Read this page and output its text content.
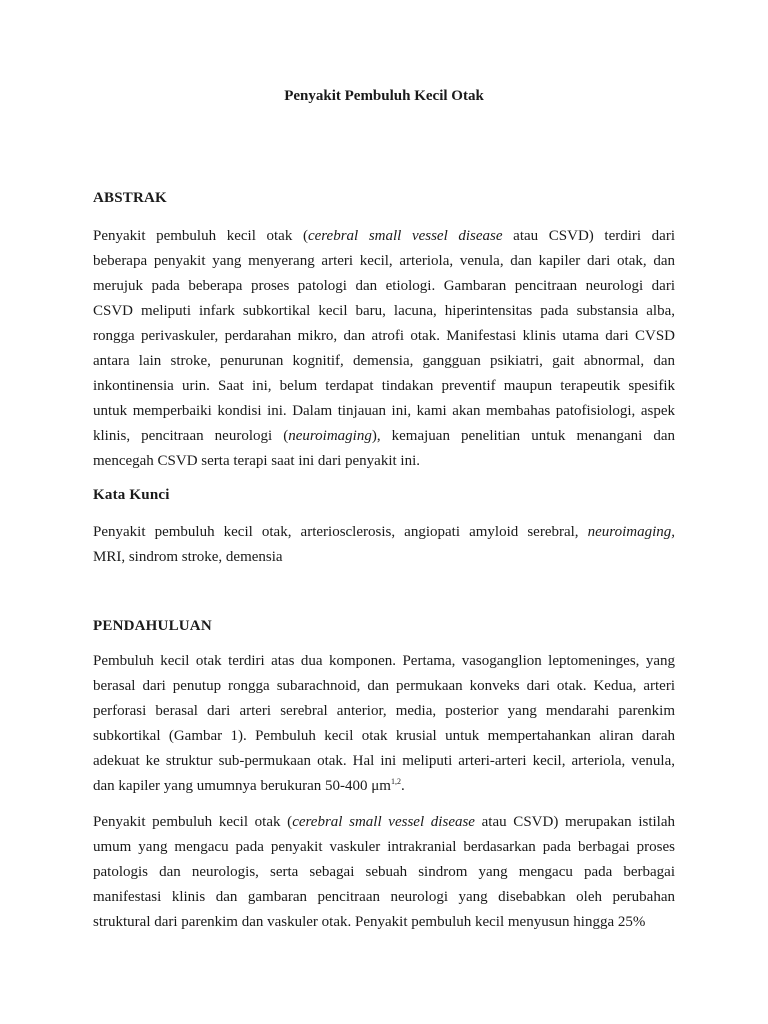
Penyakit Pembuluh Kecil Otak
ABSTRAK
Penyakit pembuluh kecil otak (cerebral small vessel disease atau CSVD) terdiri dari
beberapa penyakit yang menyerang arteri kecil, arteriola, venula, dan kapiler dari otak, dan
merujuk pada beberapa proses patologi dan etiologi. Gambaran pencitraan neurologi dari
CSVD meliputi infark subkortikal kecil baru, lacuna, hiperintensitas pada substansia alba,
rongga perivaskuler, perdarahan mikro, dan atrofi otak. Manifestasi klinis utama dari CVSD
antara lain stroke, penurunan kognitif, demensia, gangguan psikiatri, gait abnormal, dan
inkontinensia urin. Saat ini, belum terdapat tindakan preventif maupun terapeutik spesifik
untuk memperbaiki kondisi ini. Dalam tinjauan ini, kami akan membahas patofisiologi, aspek
klinis, pencitraan neurologi (neuroimaging), kemajuan penelitian untuk menangani dan
mencegah CSVD serta terapi saat ini dari penyakit ini.
Kata Kunci
Penyakit pembuluh kecil otak, arteriosclerosis, angiopati amyloid serebral, neuroimaging,
MRI, sindrom stroke, demensia
PENDAHULUAN
Pembuluh kecil otak terdiri atas dua komponen. Pertama, vasoganglion leptomeninges, yang
berasal dari penutup rongga subarachnoid, dan permukaan konveks dari otak. Kedua, arteri
perforasi berasal dari arteri serebral anterior, media, posterior yang mendarahi parenkim
subkortikal (Gambar 1). Pembuluh kecil otak krusial untuk mempertahankan aliran darah
adekuat ke struktur sub-permukaan otak. Hal ini meliputi arteri-arteri kecil, arteriola, venula,
dan kapiler yang umumnya berukuran 50-400 μm$^{1,2}$.
Penyakit pembuluh kecil otak (cerebral small vessel disease atau CSVD) merupakan istilah
umum yang mengacu pada penyakit vaskuler intrakranial berdasarkan pada berbagai proses
patologis dan neurologis, serta sebagai sebuah sindrom yang mengacu pada berbagai
manifestasi klinis dan gambaran pencitraan neurologi yang disebabkan oleh perubahan
struktural dari parenkim dan vaskuler otak. Penyakit pembuluh kecil menyusun hingga 25%
